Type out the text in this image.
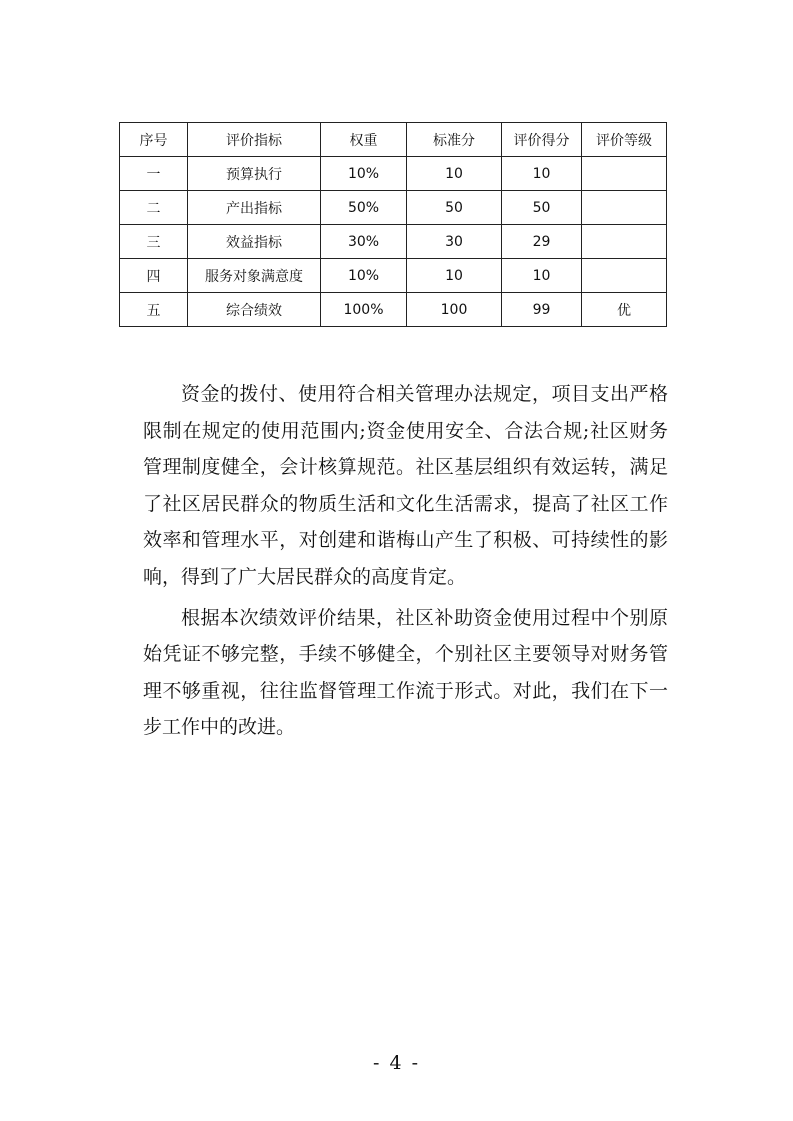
序号	评价指标	权重	标准分	评价得分	评价等级
一	预算执行	10%	10	10	
二	产出指标	50%	50	50	
三	效益指标	30%	30	29	
四	服务对象满意度	10%	10	10	
五	综合绩效	100%	100	99	优

资金的拨付、使用符合相关管理办法规定，项目支出严格限制在规定的使用范围内;资金使用安全、合法合规;社区财务管理制度健全，会计核算规范。社区基层组织有效运转，满足了社区居民群众的物质生活和文化生活需求，提高了社区工作效率和管理水平，对创建和谐梅山产生了积极、可持续性的影响，得到了广大居民群众的高度肯定。

根据本次绩效评价结果，社区补助资金使用过程中个别原始凭证不够完整，手续不够健全，个别社区主要领导对财务管理不够重视，往往监督管理工作流于形式。对此，我们在下一步工作中的改进。

- 4 -
